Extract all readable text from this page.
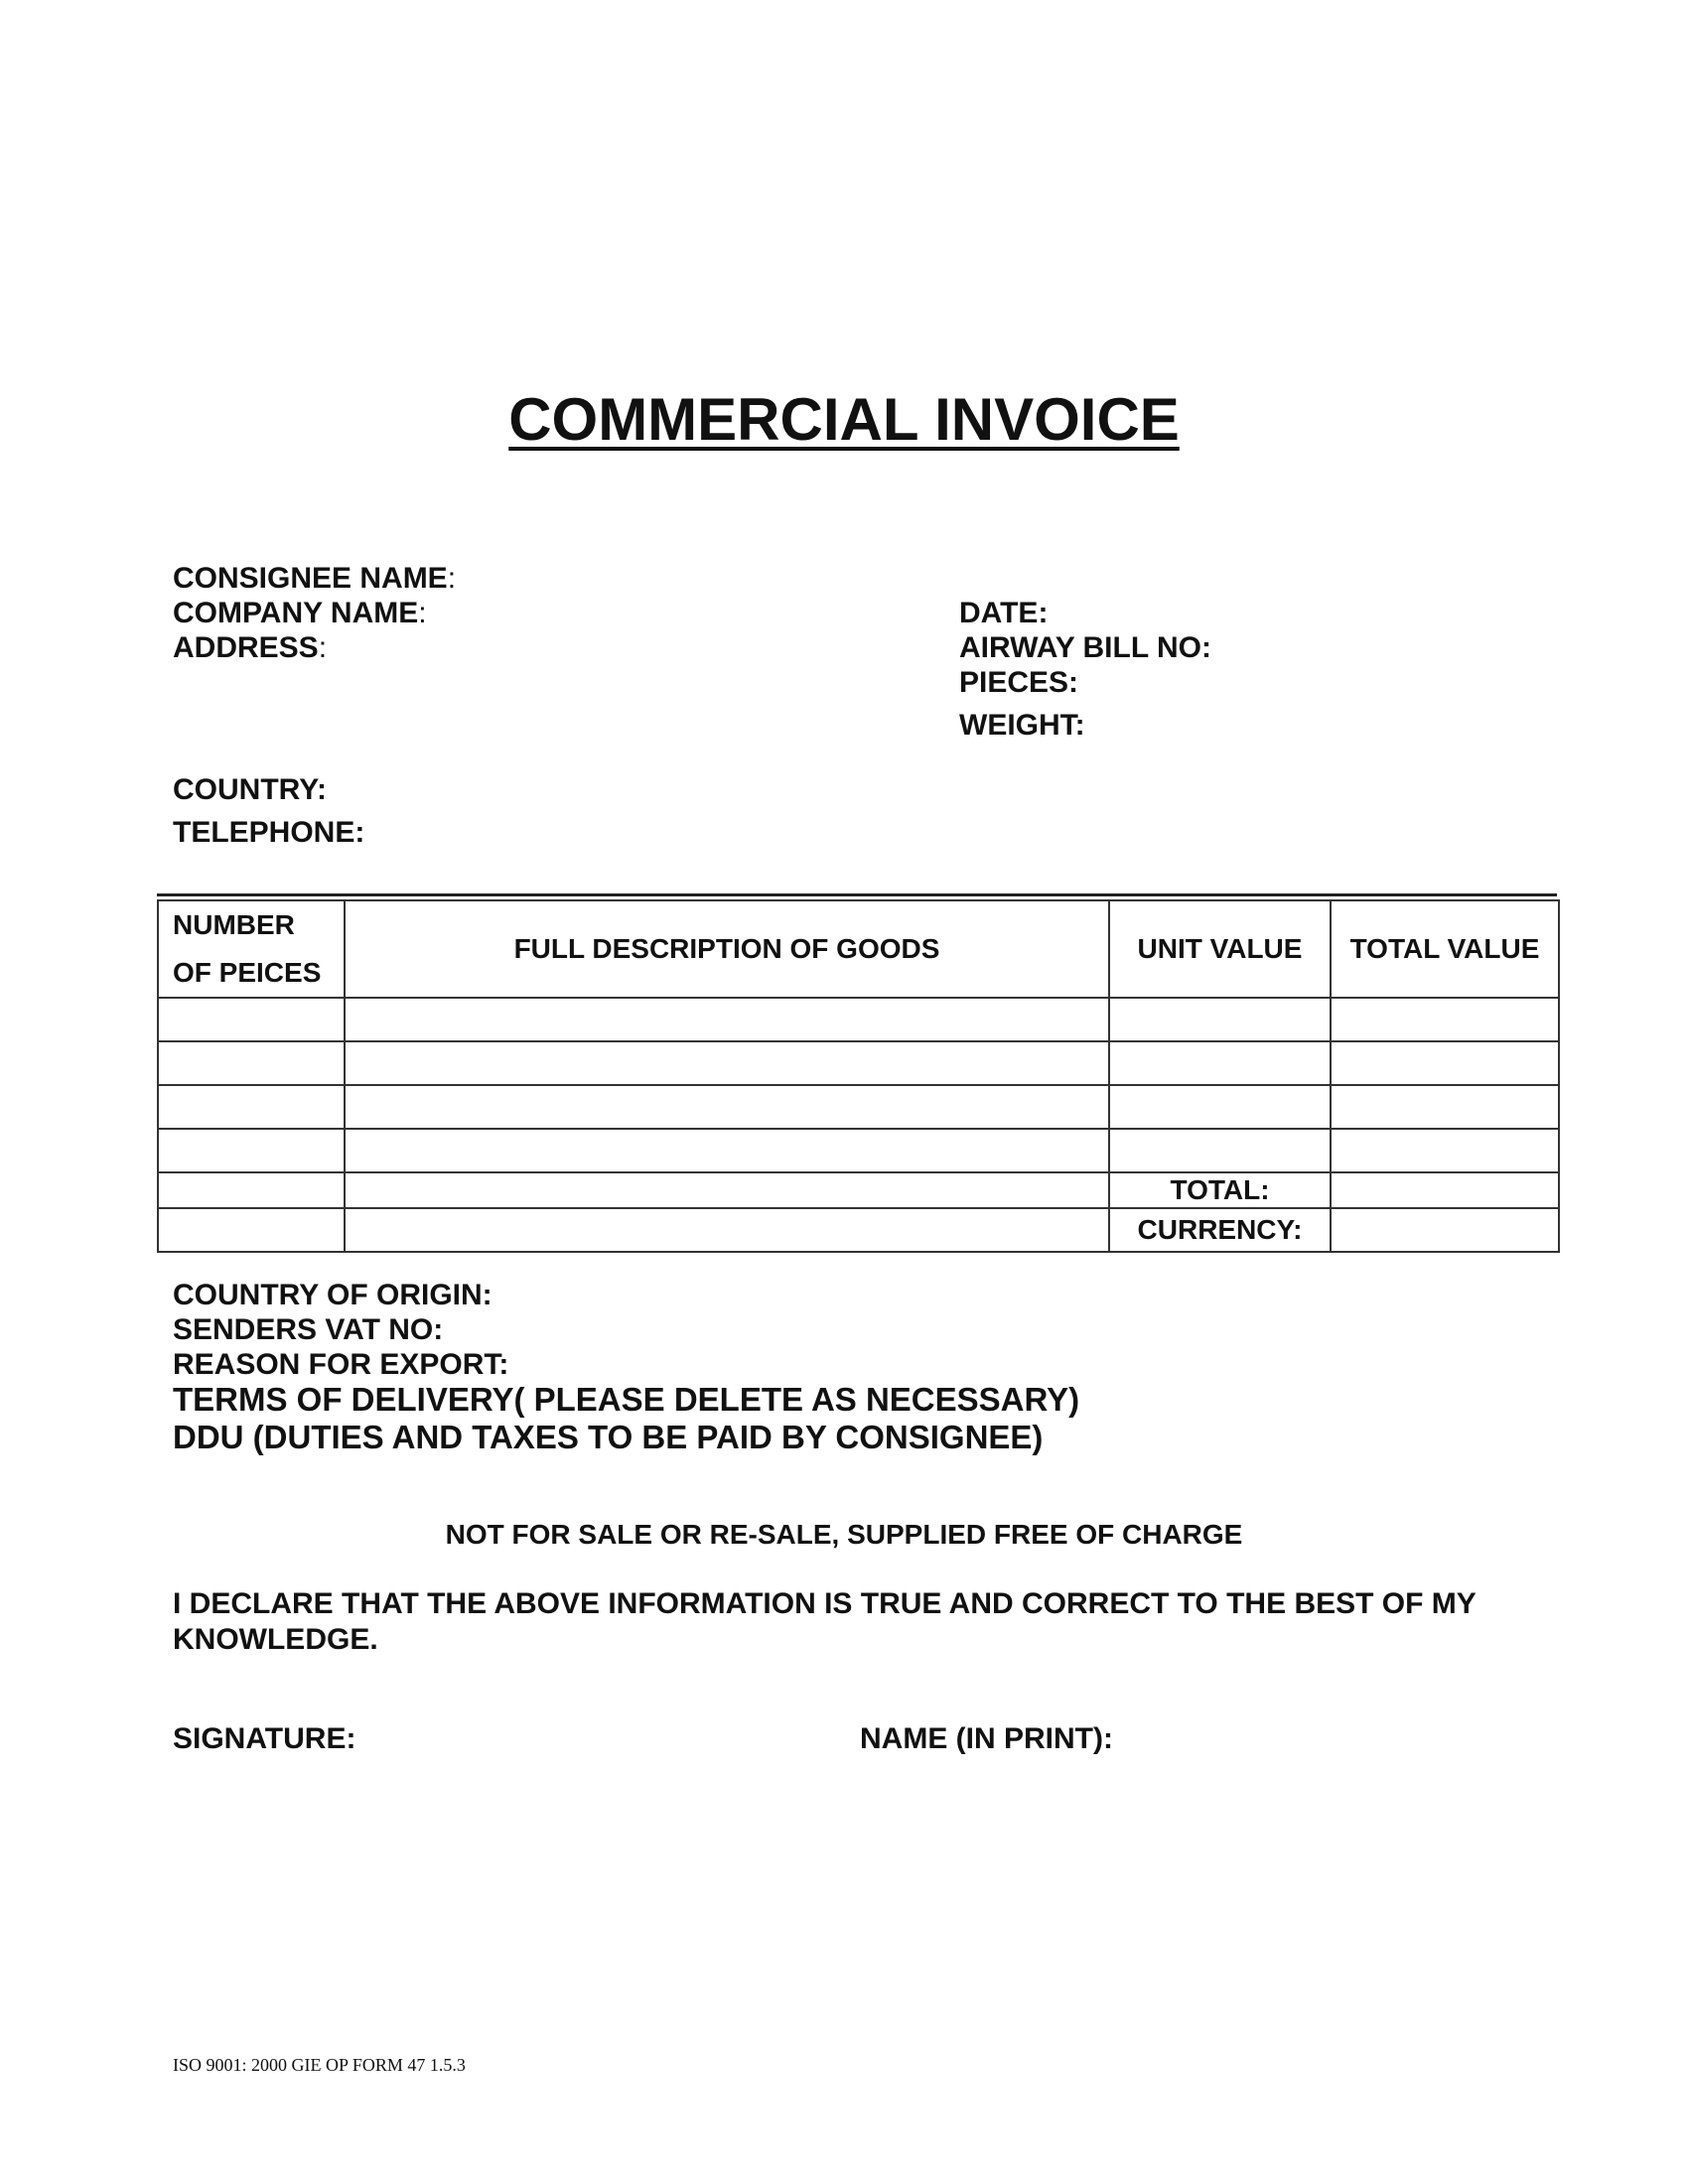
COMMERCIAL INVOICE
CONSIGNEE NAME:
COMPANY NAME:
ADDRESS:
COUNTRY:
TELEPHONE:
DATE:
AIRWAY BILL NO:
PIECES:
WEIGHT:
NUMBER
OF PEICES	FULL DESCRIPTION OF GOODS	UNIT VALUE	TOTAL VALUE

		TOTAL:	
		CURRENCY:	
COUNTRY OF ORIGIN:
SENDERS VAT NO:
REASON FOR EXPORT:
TERMS OF DELIVERY( PLEASE DELETE AS NECESSARY)
DDU (DUTIES AND TAXES TO BE PAID BY CONSIGNEE)
NOT FOR SALE OR RE-SALE, SUPPLIED FREE OF CHARGE
I DECLARE THAT THE ABOVE INFORMATION IS TRUE AND CORRECT TO THE BEST OF MY KNOWLEDGE.
SIGNATURE:	NAME (IN PRINT):
ISO 9001: 2000 GIE OP FORM 47 1.5.3
